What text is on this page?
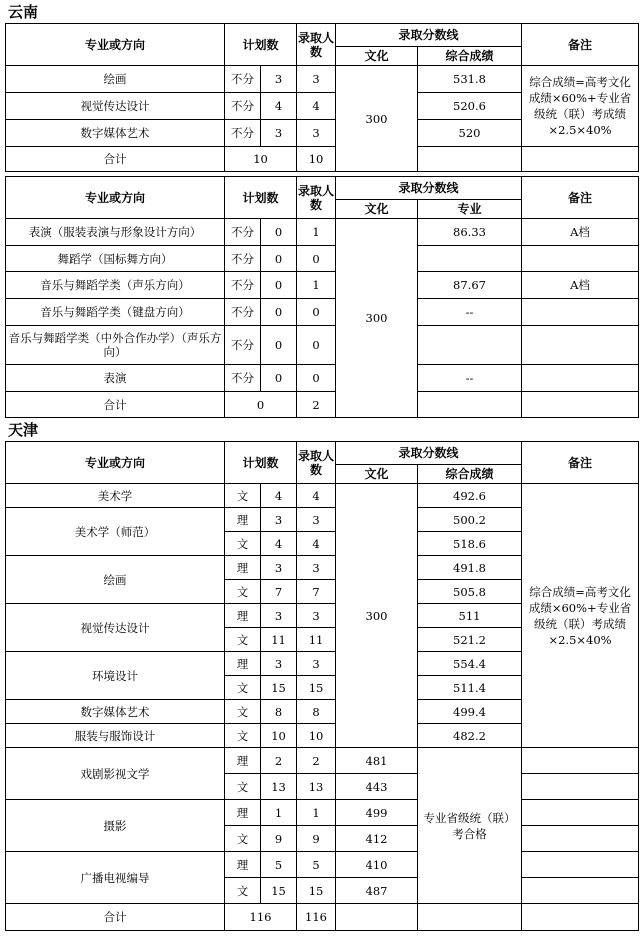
云南
专业或方向	计划数		录取人数	录取分数线		备注
				文化	综合成绩	
绘画	不分	3	3	300	531.8	综合成绩=高考文化成绩×60%+专业省级统（联）考成绩×2.5×40%
视觉传达设计	不分	4	4		520.6	
数字媒体艺术	不分	3	3		520	
合计	10		10			
专业或方向	计划数		录取人数	录取分数线		备注
				文化	专业	
表演（服装表演与形象设计方向）	不分	0	1	300	86.33	A档
舞蹈学（国标舞方向）	不分	0	0			
音乐与舞蹈学类（声乐方向）	不分	0	1		87.67	A档
音乐与舞蹈学类（键盘方向）	不分	0	0		--	
音乐与舞蹈学类（中外合作办学）（声乐方向）	不分	0	0			
表演	不分	0	0		--	
合计	0		2			
天津
专业或方向	计划数		录取人数	录取分数线		备注
				文化	综合成绩	
美术学	文	4	4	300	492.6	综合成绩=高考文化成绩×60%+专业省级统（联）考成绩×2.5×40%
美术学（师范）	理	3	3		500.2	
	文	4	4		518.6	
绘画	理	3	3		491.8	
	文	7	7		505.8	
视觉传达设计	理	3	3		511	
	文	11	11		521.2	
环境设计	理	3	3		554.4	
	文	15	15		511.4	
数字媒体艺术	文	8	8		499.4	
服装与服饰设计	文	10	10		482.2	
戏剧影视文学	理	2	2	481	专业省级统（联）考合格	
	文	13	13	443		
摄影	理	1	1	499		
	文	9	9	412		
广播电视编导	理	5	5	410		
	文	15	15	487		
合计	116		116			
